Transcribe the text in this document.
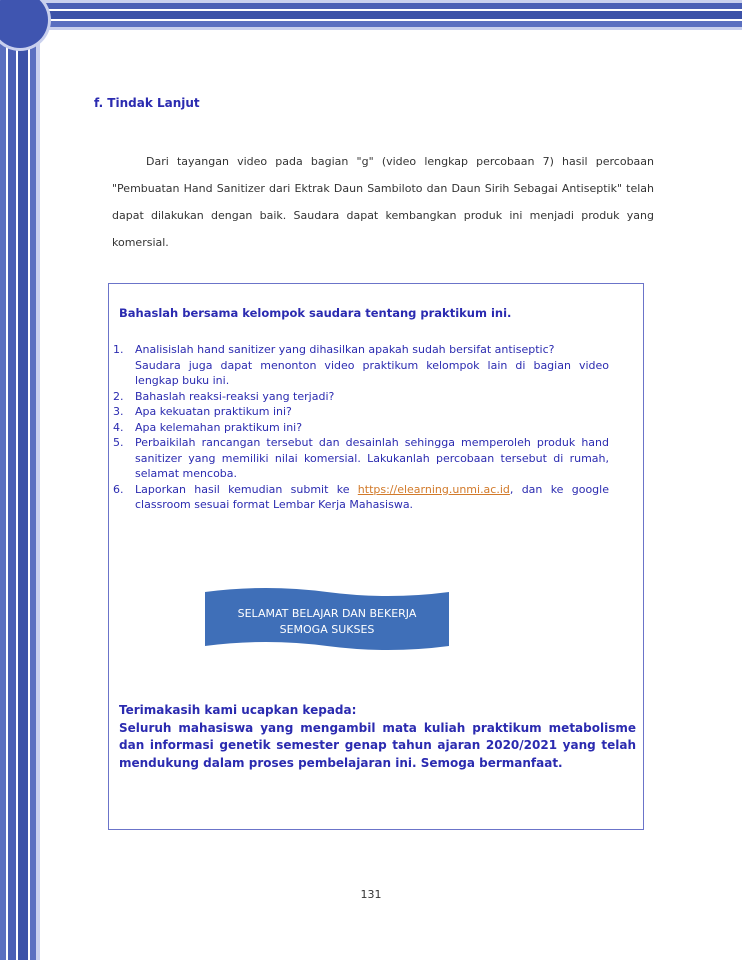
f. Tindak Lanjut
Dari tayangan video pada bagian "g" (video lengkap percobaan 7) hasil percobaan "Pembuatan Hand Sanitizer dari Ektrak Daun Sambiloto dan Daun Sirih Sebagai Antiseptik" telah dapat dilakukan dengan baik. Saudara dapat kembangkan produk ini menjadi produk yang komersial.
Bahaslah bersama kelompok saudara tentang praktikum ini.
1. Analisislah hand sanitizer yang dihasilkan apakah sudah bersifat antiseptic?
Saudara juga dapat menonton video praktikum kelompok lain di bagian video lengkap buku ini.
2. Bahaslah reaksi-reaksi yang terjadi?
3. Apa kekuatan praktikum ini?
4. Apa kelemahan praktikum ini?
5. Perbaikilah rancangan tersebut dan desainlah sehingga memperoleh produk hand sanitizer yang memiliki nilai komersial. Lakukanlah percobaan tersebut di rumah, selamat mencoba.
6. Laporkan hasil kemudian submit ke https://elearning.unmi.ac.id, dan ke google classroom sesuai format Lembar Kerja Mahasiswa.
SELAMAT BELAJAR DAN BEKERJA
SEMOGA SUKSES
Terimakasih kami ucapkan kepada:
Seluruh mahasiswa yang mengambil mata kuliah praktikum metabolisme dan informasi genetik semester genap tahun ajaran 2020/2021 yang telah mendukung dalam proses pembelajaran ini. Semoga bermanfaat.
131
